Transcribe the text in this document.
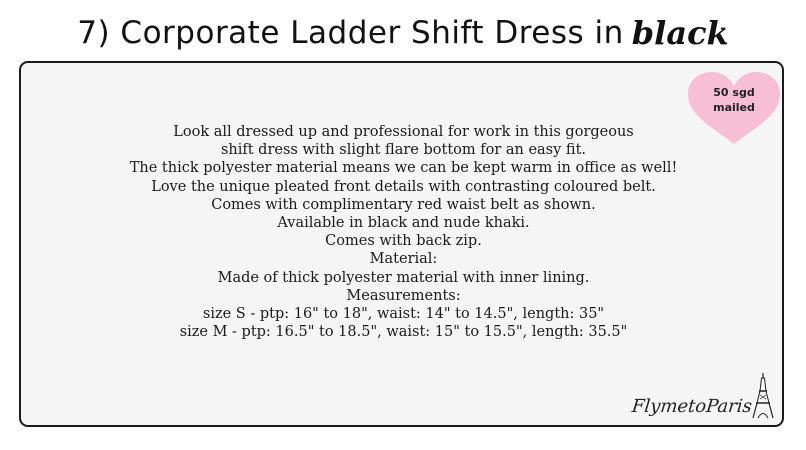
7) Corporate Ladder Shift Dress in black
50 sgd
mailed
Look all dressed up and professional for work in this gorgeous
shift dress with slight flare bottom for an easy fit.
The thick polyester material means we can be kept warm in office as well!
Love the unique pleated front details with contrasting coloured belt.
Comes with complimentary red waist belt as shown.
Available in black and nude khaki.
Comes with back zip.
Material:
Made of thick polyester material with inner lining.
Measurements:
size S - ptp: 16" to 18", waist: 14" to 14.5", length: 35"
size M - ptp: 16.5" to 18.5", waist: 15" to 15.5", length: 35.5"
FlymetoParis
